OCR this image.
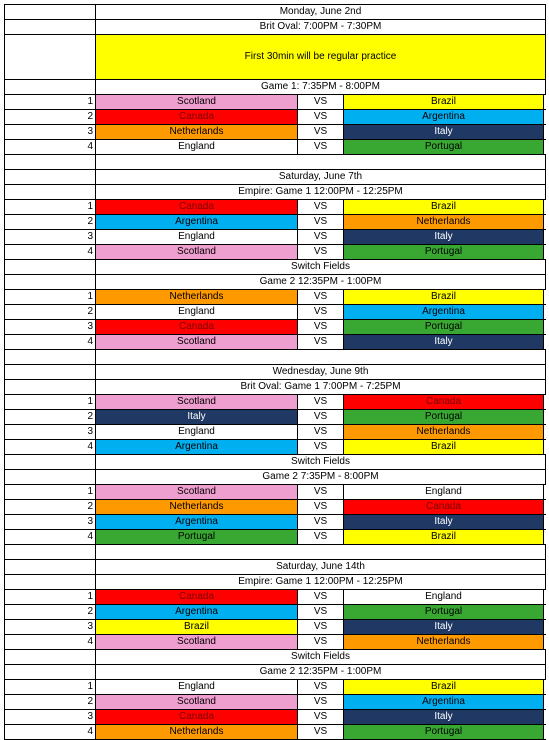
Monday, June 2nd
Brit Oval: 7:00PM - 7:30PM
First 30min will be regular practice
Game 1: 7:35PM - 8:00PM
1	Scotland	VS	Brazil
2	Canada	VS	Argentina
3	Netherlands	VS	Italy
4	England	VS	Portugal
Saturday, June 7th
Empire: Game 1 12:00PM - 12:25PM
1	Canada	VS	Brazil
2	Argentina	VS	Netherlands
3	England	VS	Italy
4	Scotland	VS	Portugal
Switch Fields
Game 2 12:35PM - 1:00PM
1	Netherlands	VS	Brazil
2	England	VS	Argentina
3	Canada	VS	Portugal
4	Scotland	VS	Italy
Wednesday, June 9th
Brit Oval: Game 1 7:00PM - 7:25PM
1	Scotland	VS	Canada
2	Italy	VS	Portugal
3	England	VS	Netherlands
4	Argentina	VS	Brazil
Switch Fields
Game 2 7:35PM - 8:00PM
1	Scotland	VS	England
2	Netherlands	VS	Canada
3	Argentina	VS	Italy
4	Portugal	VS	Brazil
Saturday, June 14th
Empire: Game 1 12:00PM - 12:25PM
1	Canada	VS	England
2	Argentina	VS	Portugal
3	Brazil	VS	Italy
4	Scotland	VS	Netherlands
Switch Fields
Game 2 12:35PM - 1:00PM
1	England	VS	Brazil
2	Scotland	VS	Argentina
3	Canada	VS	Italy
4	Netherlands	VS	Portugal
